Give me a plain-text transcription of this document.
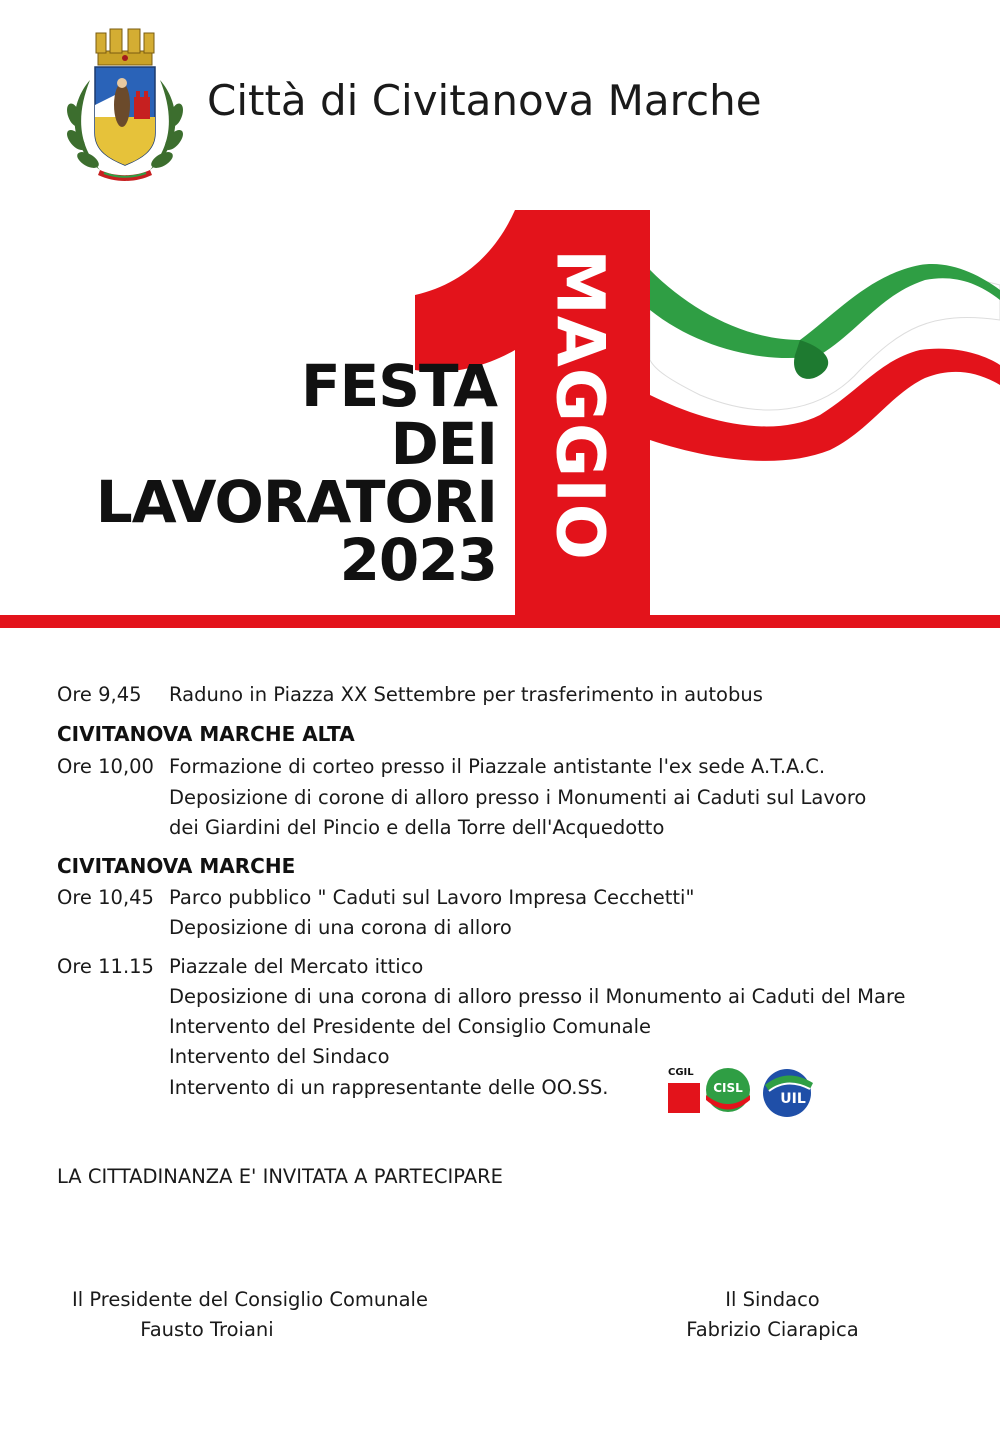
Città di Civitanova Marche
MAGGIO
FESTA
DEI
LAVORATORI
2023
Ore 9,45 Raduno in Piazza XX Settembre per trasferimento in autobus
CIVITANOVA MARCHE ALTA
Ore 10,00 Formazione di corteo presso il Piazzale antistante l'ex sede A.T.A.C.
Deposizione di corone di alloro presso i Monumenti ai Caduti sul Lavoro
dei Giardini del Pincio e della Torre dell'Acquedotto
CIVITANOVA MARCHE
Ore 10,45 Parco pubblico " Caduti sul Lavoro Impresa Cecchetti"
Deposizione di una corona di alloro
Ore 11.15 Piazzale del Mercato ittico
Deposizione di una corona di alloro presso il Monumento ai Caduti del Mare
Intervento del Presidente del Consiglio Comunale
Intervento del Sindaco
Intervento di un rappresentante delle OO.SS.
CGIL
CISL
UIL
LA CITTADINANZA E' INVITATA A PARTECIPARE
Il Presidente del Consiglio Comunale
Fausto Troiani
Il Sindaco
Fabrizio Ciarapica
